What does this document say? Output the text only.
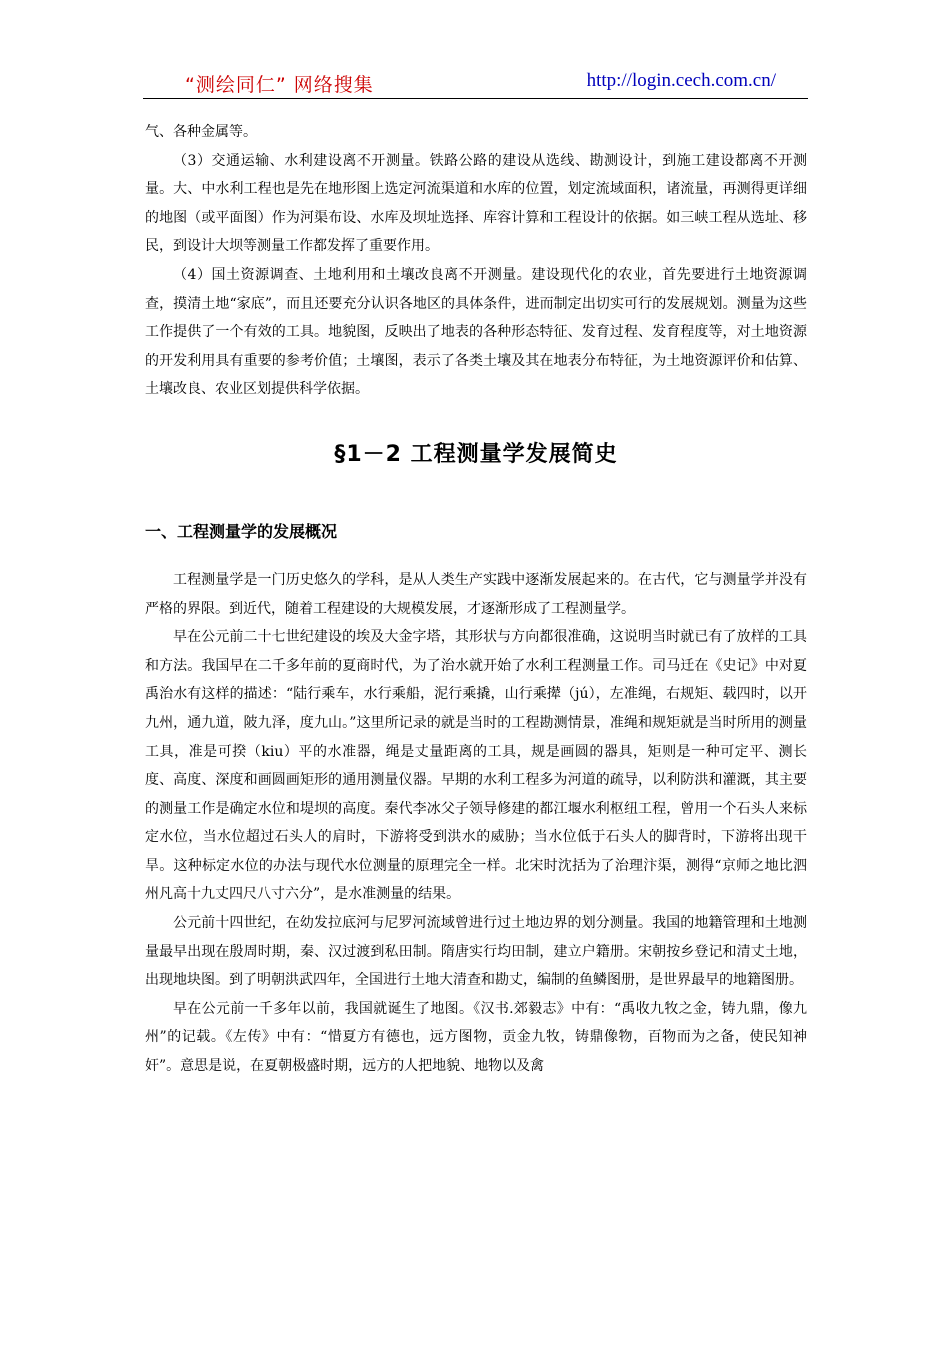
“测绘同仁” 网络搜集	http://login.cech.com.cn/

气、各种金属等。

（3）交通运输、水利建设离不开测量。铁路公路的建设从选线、勘测设计，到施工建设都离不开测量。大、中水利工程也是先在地形图上选定河流渠道和水库的位置，划定流域面积，诸流量，再测得更详细的地图（或平面图）作为河渠布设、水库及坝址选择、库容计算和工程设计的依据。如三峡工程从选址、移民，到设计大坝等测量工作都发挥了重要作用。

（4）国土资源调查、土地利用和土壤改良离不开测量。建设现代化的农业，首先要进行土地资源调查，摸清土地“家底”，而且还要充分认识各地区的具体条件，进而制定出切实可行的发展规划。测量为这些工作提供了一个有效的工具。地貌图，反映出了地表的各种形态特征、发育过程、发育程度等，对土地资源的开发利用具有重要的参考价值；土壤图，表示了各类土壤及其在地表分布特征，为土地资源评价和估算、土壤改良、农业区划提供科学依据。

§1－2 工程测量学发展简史
一、工程测量学的发展概况

工程测量学是一门历史悠久的学科，是从人类生产实践中逐渐发展起来的。在古代，它与测量学并没有严格的界限。到近代，随着工程建设的大规模发展，才逐渐形成了工程测量学。

早在公元前二十七世纪建设的埃及大金字塔，其形状与方向都很准确，这说明当时就已有了放样的工具和方法。我国早在二千多年前的夏商时代，为了治水就开始了水利工程测量工作。司马迁在《史记》中对夏禹治水有这样的描述：“陆行乘车，水行乘船，泥行乘撬，山行乘撵（jú），左准绳，右规矩、载四时，以开九州，通九道，陂九泽，度九山。”这里所记录的就是当时的工程勘测情景，准绳和规矩就是当时所用的测量工具，准是可揆（kiu）平的水准器，绳是丈量距离的工具，规是画圆的器具，矩则是一种可定平、测长度、高度、深度和画圆画矩形的通用测量仪器。早期的水利工程多为河道的疏导，以利防洪和灌溉，其主要的测量工作是确定水位和堤坝的高度。秦代李冰父子领导修建的都江堰水利枢纽工程，曾用一个石头人来标定水位，当水位超过石头人的肩时，下游将受到洪水的威胁；当水位低于石头人的脚背时，下游将出现干旱。这种标定水位的办法与现代水位测量的原理完全一样。北宋时沈括为了治理汴渠，测得“京师之地比泗州凡高十九丈四尺八寸六分”，是水准测量的结果。

公元前十四世纪，在幼发拉底河与尼罗河流域曾进行过土地边界的划分测量。我国的地籍管理和土地测量最早出现在殷周时期，秦、汉过渡到私田制。隋唐实行均田制，建立户籍册。宋朝按乡登记和清丈土地，出现地块图。到了明朝洪武四年，全国进行土地大清查和勘丈，编制的鱼鳞图册，是世界最早的地籍图册。

早在公元前一千多年以前，我国就诞生了地图。《汉书.郊毅志》中有：“禹收九牧之金，铸九鼎，像九州”的记载。《左传》中有：“惜夏方有德也，远方图物，贡金九牧，铸鼎像物，百物而为之备，使民知神奸”。意思是说，在夏朝极盛时期，远方的人把地貌、地物以及禽
